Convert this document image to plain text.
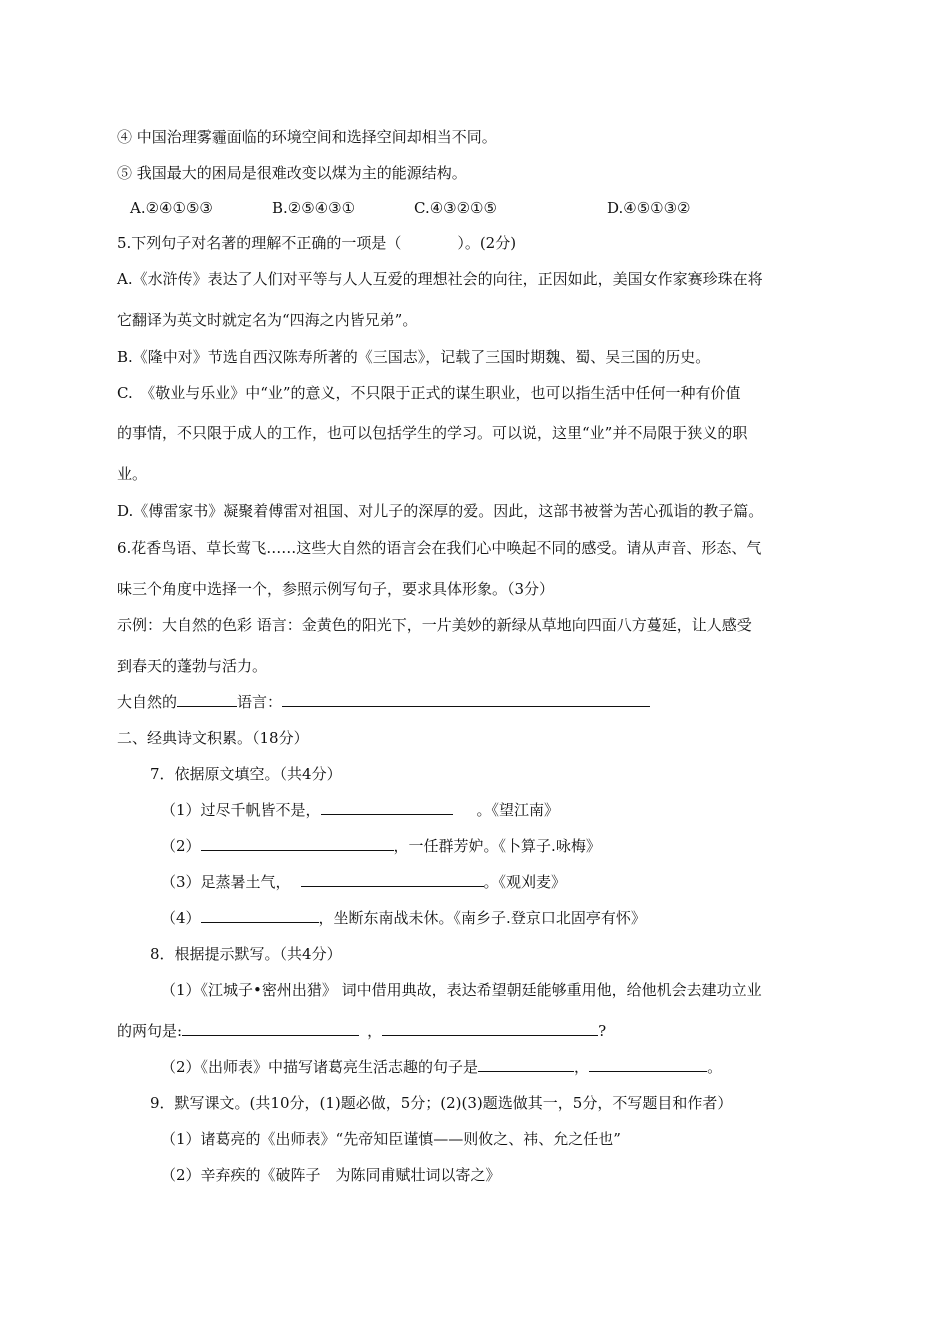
④ 中国治理雾霾面临的环境空间和选择空间却相当不同。
⑤ 我国最大的困局是很难改变以煤为主的能源结构。
A.②④①⑤③	B.②⑤④③①	C.④③②①⑤	D.④⑤①③②
5.下列句子对名著的理解不正确的一项是（	）。(2分)
A.《水浒传》表达了人们对平等与人人互爱的理想社会的向往，正因如此，美国女作家赛珍珠在将
它翻译为英文时就定名为“四海之内皆兄弟”。
B.《隆中对》节选自西汉陈寿所著的《三国志》，记载了三国时期魏、蜀、吴三国的历史。
C.　《敬业与乐业》中“业”的意义，不只限于正式的谋生职业，也可以指生活中任何一种有价值
的事情，不只限于成人的工作，也可以包括学生的学习。可以说，这里“业”并不局限于狭义的职
业。
D.《傅雷家书》凝聚着傅雷对祖国、对儿子的深厚的爱。因此，这部书被誉为苦心孤诣的教子篇。
6.花香鸟语、草长莺飞……这些大自然的语言会在我们心中唤起不同的感受。请从声音、形态、气
味三个角度中选择一个，参照示例写句子，要求具体形象。（3分）
示例：大自然的色彩 语言：金黄色的阳光下，一片美妙的新绿从草地向四面八方蔓延，让人感受
到春天的蓬勃与活力。
大自然的	语言：
二、经典诗文积累。（18分）
7．依据原文填空。（共4分）
（1）过尽千帆皆不是，	。《望江南》
（2）	，一任群芳妒。《卜算子.咏梅》
（3）足蒸暑土气，	。《观刈麦》
（4）	，坐断东南战未休。《南乡子.登京口北固亭有怀》
8．根据提示默写。（共4分）
（1）《江城子•密州出猎》 词中借用典故，表达希望朝廷能够重用他，给他机会去建功立业
的两句是:	，	?
（2）《出师表》中描写诸葛亮生活志趣的句子是	，	。
9．默写课文。(共10分，(1)题必做，5分；(2)(3)题选做其一，5分，不写题目和作者）
（1）诸葛亮的《出师表》“先帝知臣谨慎——则攸之、祎、允之任也”
（2）辛弃疾的《破阵子　为陈同甫赋壮词以寄之》
